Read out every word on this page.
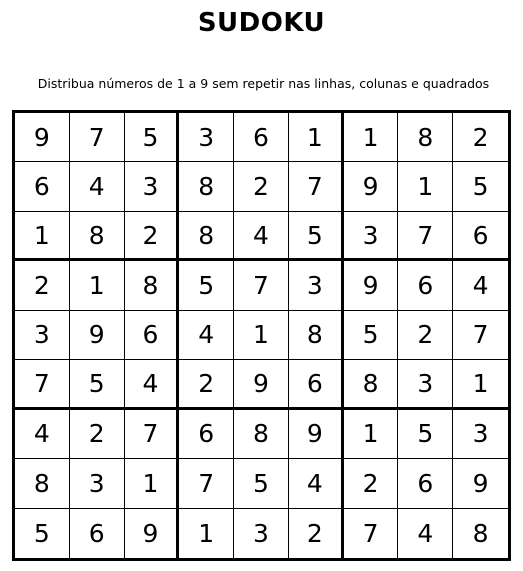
SUDOKU
Distribua números de 1 a 9 sem repetir nas linhas, colunas e quadrados
9	7	5	3	6	1	1	8	2
6	4	3	8	2	7	9	1	5
1	8	2	8	4	5	3	7	6
2	1	8	5	7	3	9	6	4
3	9	6	4	1	8	5	2	7
7	5	4	2	9	6	8	3	1
4	2	7	6	8	9	1	5	3
8	3	1	7	5	4	2	6	9
5	6	9	1	3	2	7	4	8
